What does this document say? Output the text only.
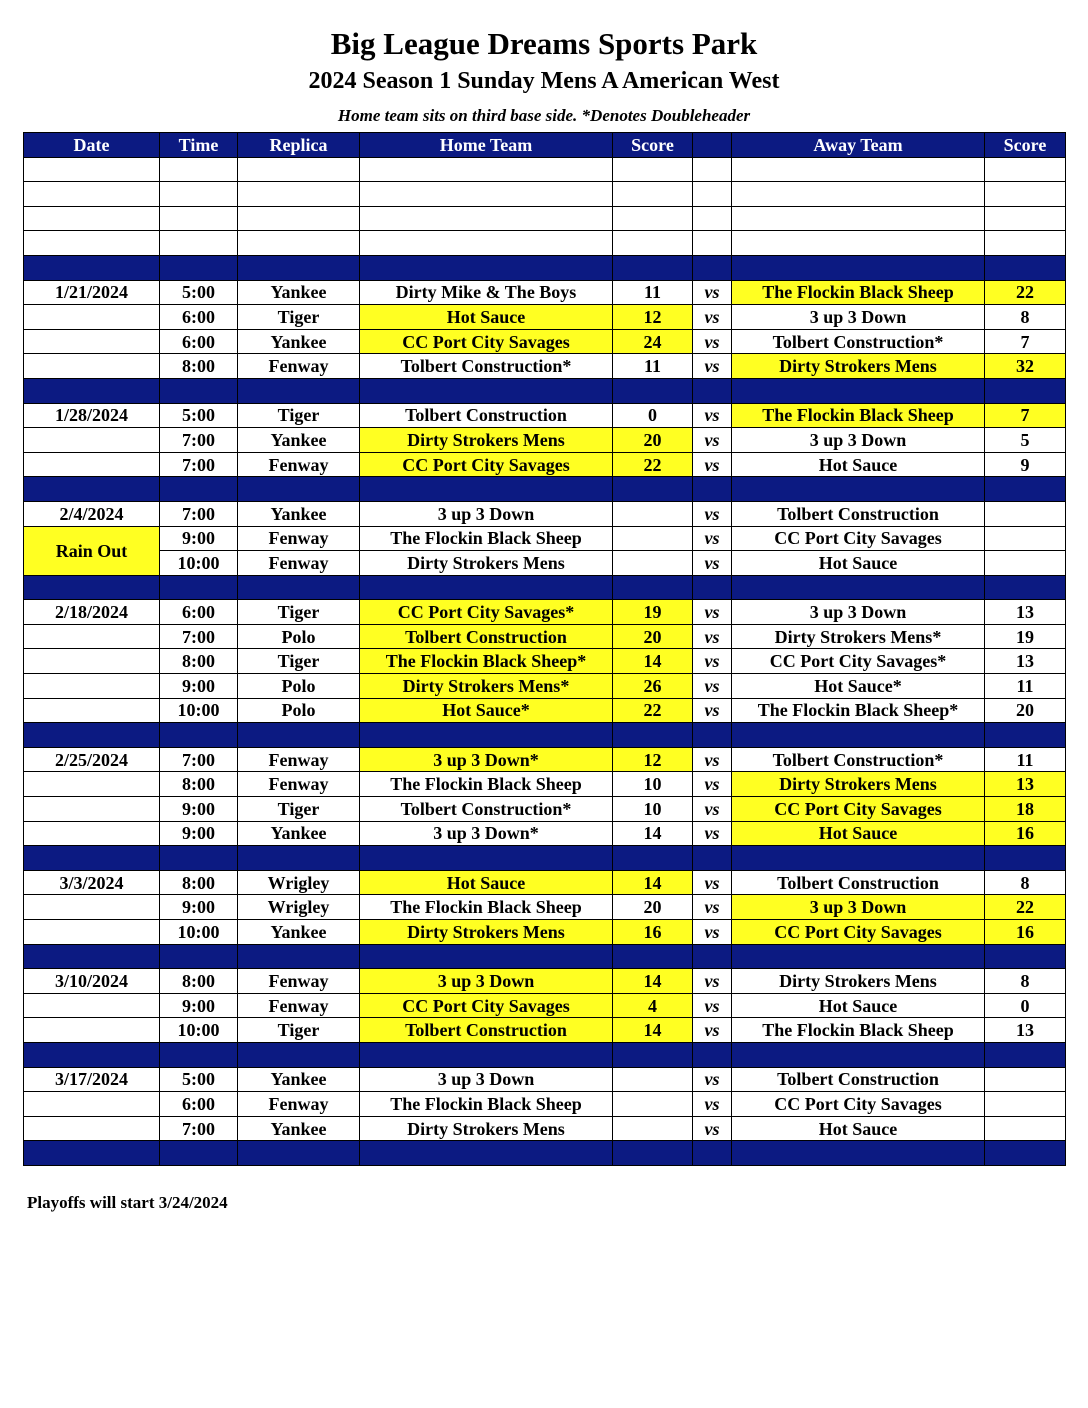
Big League Dreams Sports Park
2024 Season 1 Sunday Mens A American West
Home team sits on third base side. *Denotes Doubleheader
Date	Time	Replica	Home Team	Score		Away Team	Score

1/21/2024	5:00	Yankee	Dirty Mike & The Boys	11	vs	The Flockin Black Sheep	22
	6:00	Tiger	Hot Sauce	12	vs	3 up 3 Down	8
	6:00	Yankee	CC Port City Savages	24	vs	Tolbert Construction*	7
	8:00	Fenway	Tolbert Construction*	11	vs	Dirty Strokers Mens	32

1/28/2024	5:00	Tiger	Tolbert Construction	0	vs	The Flockin Black Sheep	7
	7:00	Yankee	Dirty Strokers Mens	20	vs	3 up 3 Down	5
	7:00	Fenway	CC Port City Savages	22	vs	Hot Sauce	9

2/4/2024	7:00	Yankee	3 up 3 Down		vs	Tolbert Construction	
Rain Out	9:00	Fenway	The Flockin Black Sheep		vs	CC Port City Savages	
	10:00	Fenway	Dirty Strokers Mens		vs	Hot Sauce	

2/18/2024	6:00	Tiger	CC Port City Savages*	19	vs	3 up 3 Down	13
	7:00	Polo	Tolbert Construction	20	vs	Dirty Strokers Mens*	19
	8:00	Tiger	The Flockin Black Sheep*	14	vs	CC Port City Savages*	13
	9:00	Polo	Dirty Strokers Mens*	26	vs	Hot Sauce*	11
	10:00	Polo	Hot Sauce*	22	vs	The Flockin Black Sheep*	20

2/25/2024	7:00	Fenway	3 up 3 Down*	12	vs	Tolbert Construction*	11
	8:00	Fenway	The Flockin Black Sheep	10	vs	Dirty Strokers Mens	13
	9:00	Tiger	Tolbert Construction*	10	vs	CC Port City Savages	18
	9:00	Yankee	3 up 3 Down*	14	vs	Hot Sauce	16

3/3/2024	8:00	Wrigley	Hot Sauce	14	vs	Tolbert Construction	8
	9:00	Wrigley	The Flockin Black Sheep	20	vs	3 up 3 Down	22
	10:00	Yankee	Dirty Strokers Mens	16	vs	CC Port City Savages	16

3/10/2024	8:00	Fenway	3 up 3 Down	14	vs	Dirty Strokers Mens	8
	9:00	Fenway	CC Port City Savages	4	vs	Hot Sauce	0
	10:00	Tiger	Tolbert Construction	14	vs	The Flockin Black Sheep	13

3/17/2024	5:00	Yankee	3 up 3 Down		vs	Tolbert Construction	
	6:00	Fenway	The Flockin Black Sheep		vs	CC Port City Savages	
	7:00	Yankee	Dirty Strokers Mens		vs	Hot Sauce	

Playoffs will start 3/24/2024
